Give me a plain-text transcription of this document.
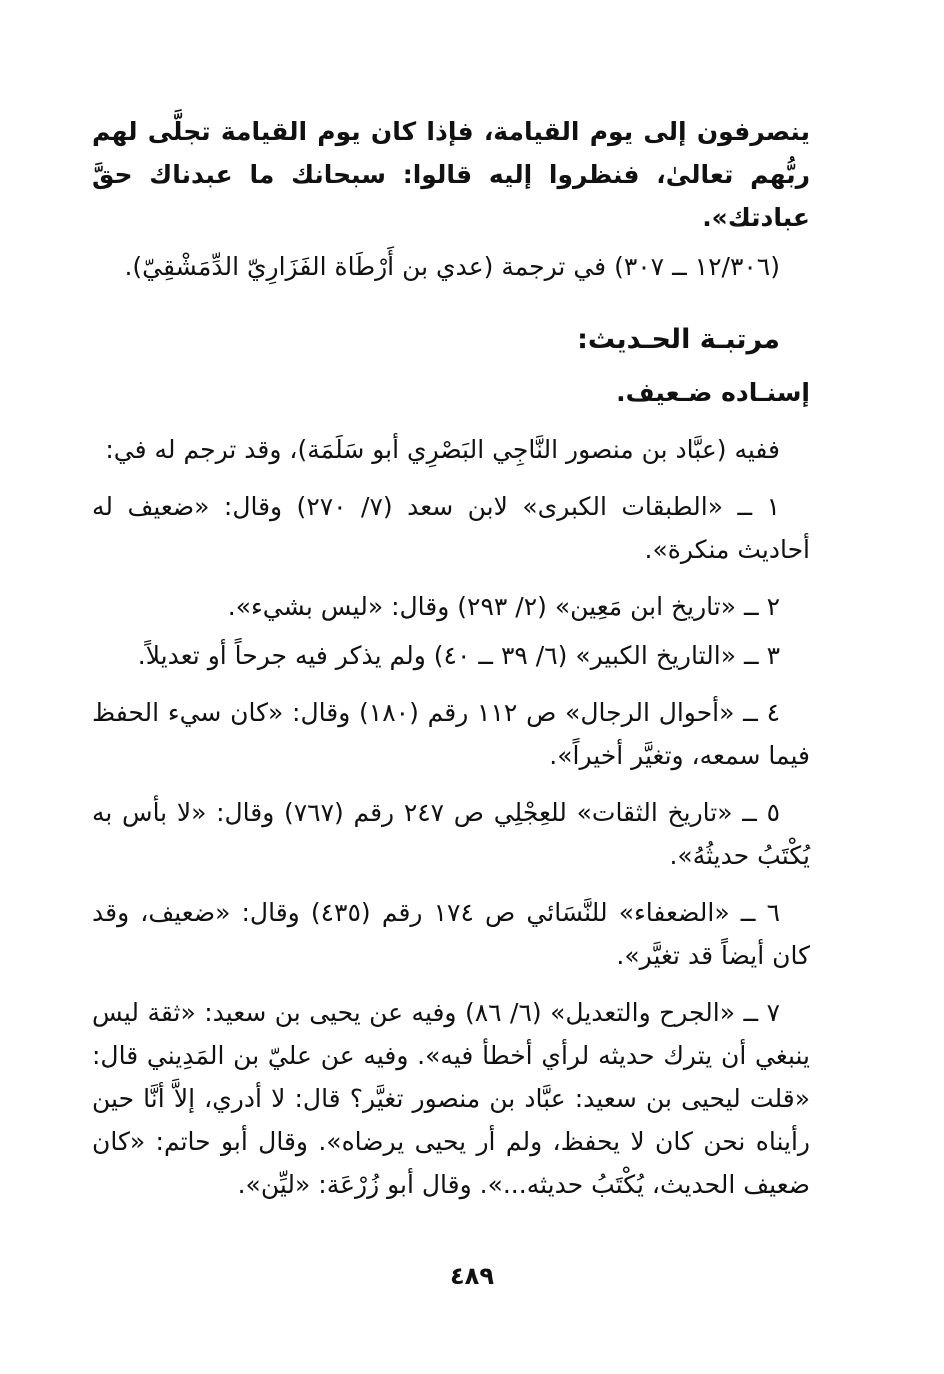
ينصرفون إلى يوم القيامة، فإذا كان يوم القيامة تجلَّى لهم ربُّهم تعالىٰ، فنظروا إليه قالوا: سبحانك ما عبدناك حقَّ عبادتك».

(١٢/٣٠٦ ــ ٣٠٧) في ترجمة (عدي بن أَرْطَاة الفَزَارِيّ الدِّمَشْقِيّ).

مرتبـة الحـديث:

إسنـاده ضـعيف.

ففيه (عبَّاد بن منصور النَّاجِي البَصْرِي أبو سَلَمَة)، وقد ترجم له في:

١ ــ «الطبقات الكبرى» لابن سعد (٧/ ٢٧٠) وقال: «ضعيف له أحاديث منكرة».

٢ ــ «تاريخ ابن مَعِين» (٢/ ٢٩٣) وقال: «ليس بشيء».

٣ ــ «التاريخ الكبير» (٦/ ٣٩ ــ ٤٠) ولم يذكر فيه جرحاً أو تعديلاً.

٤ ــ «أحوال الرجال» ص ١١٢ رقم (١٨٠) وقال: «كان سيء الحفظ فيما سمعه، وتغيَّر أخيراً».

٥ ــ «تاريخ الثقات» للعِجْلِي ص ٢٤٧ رقم (٧٦٧) وقال: «لا بأس به يُكْتَبُ حديثُهُ».

٦ ــ «الضعفاء» للنَّسَائي ص ١٧٤ رقم (٤٣٥) وقال: «ضعيف، وقد كان أيضاً قد تغيَّر».

٧ ــ «الجرح والتعديل» (٦/ ٨٦) وفيه عن يحيى بن سعيد: «ثقة ليس ينبغي أن يترك حديثه لرأي أخطأ فيه». وفيه عن عليّ بن المَدِيني قال: «قلت ليحيى بن سعيد: عبَّاد بن منصور تغيَّر؟ قال: لا أدري، إلاَّ أنَّا حين رأيناه نحن كان لا يحفظ، ولم أر يحيى يرضاه». وقال أبو حاتم: «كان ضعيف الحديث، يُكْتَبُ حديثه...». وقال أبو زُرْعَة: «ليِّن».

٤٨٩
